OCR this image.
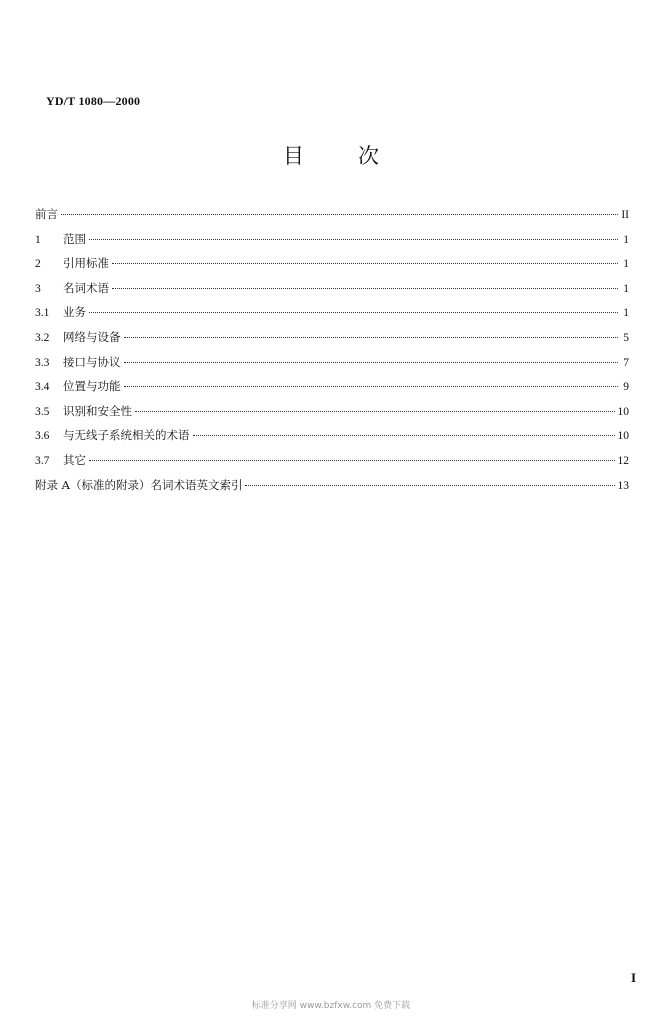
YD/T 1080—2000
目	次
前言	II
1	范围	1
2	引用标准	1
3	名词术语	1
3.1	业务	1
3.2	网络与设备	5
3.3	接口与协议	7
3.4	位置与功能	9
3.5	识别和安全性	10
3.6	与无线子系统相关的术语	10
3.7	其它	12
附录 A（标准的附录）名词术语英文索引	13
I
标准分享网 www.bzfxw.com 免费下载
